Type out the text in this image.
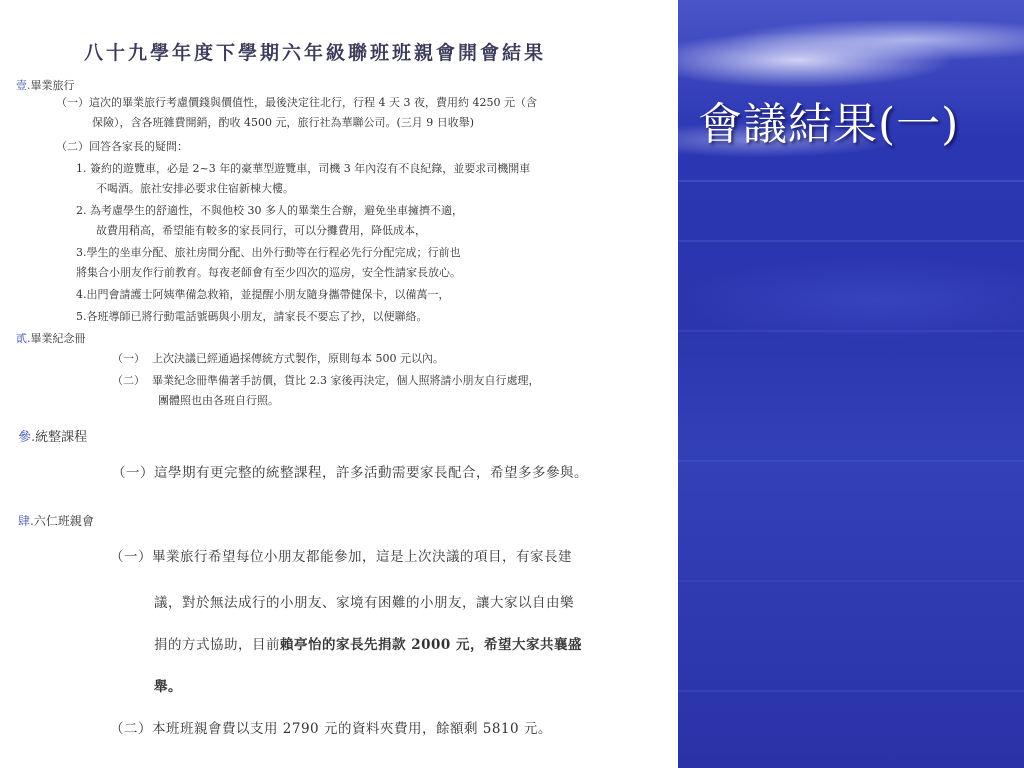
八十九學年度下學期六年級聯班班親會開會結果
壹.畢業旅行

（一）這次的畢業旅行考慮價錢與價值性，最後決定往北行，行程 4 天 3 夜，費用約 4250 元（含

保險），含各班雜費開銷，酌收 4500 元，旅行社為華聯公司。(三月 9 日收舉)

（二）回答各家長的疑問：

1. 簽約的遊覽車，必是 2~3 年的豪華型遊覽車，司機 3 年內沒有不良紀錄，並要求司機開車

不喝酒。旅社安排必要求住宿新棟大樓。

2. 為考慮學生的舒適性，不與他校 30 多人的畢業生合辦，避免坐車擁擠不適，

故費用稍高，希望能有較多的家長同行，可以分攤費用，降低成本，

3.學生的坐車分配、旅社房間分配、出外行動等在行程必先行分配完成；行前也

將集合小朋友作行前教育。每夜老師會有至少四次的巡房，安全性請家長放心。

4.出門會請護士阿姨準備急救箱，並提醒小朋友隨身攜帶健保卡，以備萬一，

5.各班導師已將行動電話號碼與小朋友，請家長不要忘了抄，以便聯絡。

貳.畢業紀念冊

（一） 上次決議已經通過採傳統方式製作，原則每本 500 元以內。

（二） 畢業紀念冊準備著手訪價，貨比 2.3 家後再決定，個人照將請小朋友自行處理，

團體照也由各班自行照。

參.統整課程

（一）這學期有更完整的統整課程，許多活動需要家長配合，希望多多參與。

肆.六仁班親會

（一）畢業旅行希望每位小朋友都能參加，這是上次決議的項目，有家長建

議，對於無法成行的小朋友、家境有困難的小朋友，讓大家以自由樂

捐的方式協助，目前賴亭怡的家長先捐款 2000 元，希望大家共襄盛

舉。

（二）本班班親會費以支用 2790 元的資料夾費用，餘額剩 5810 元。

會議結果(一)
